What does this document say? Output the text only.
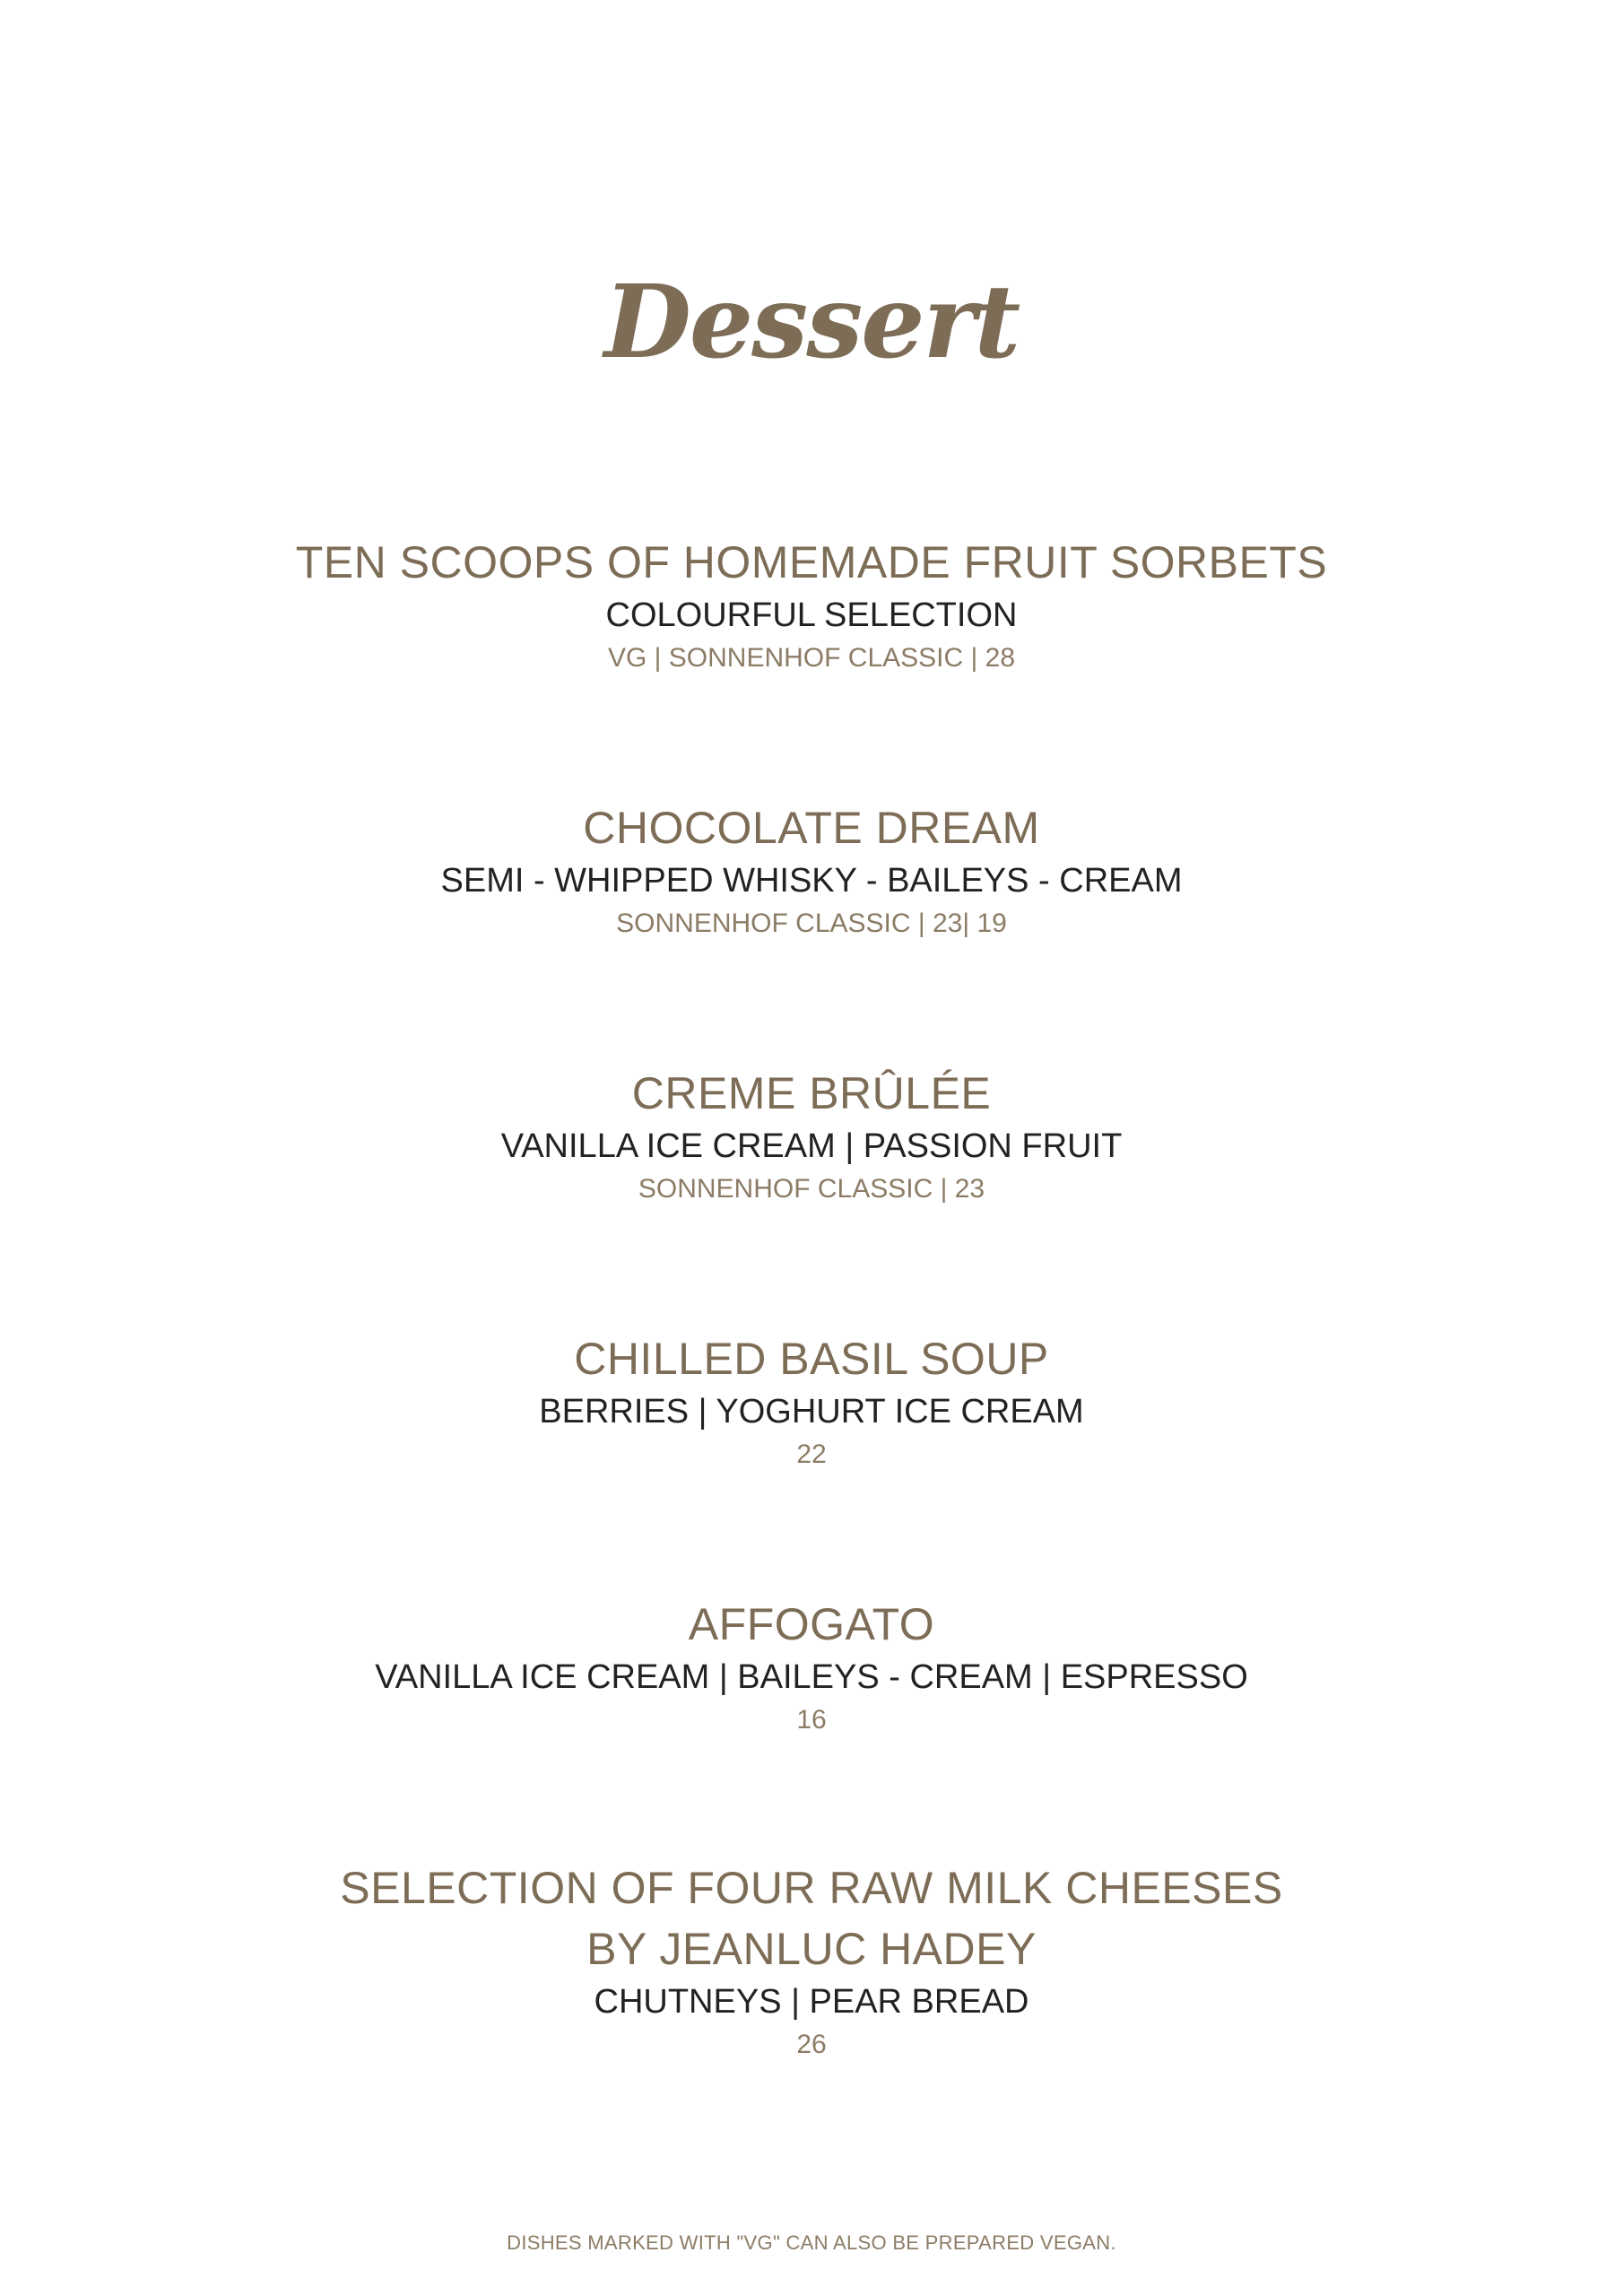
Dessert
TEN SCOOPS OF HOMEMADE FRUIT SORBETS
COLOURFUL SELECTION
VG | SONNENHOF CLASSIC | 28
CHOCOLATE DREAM
SEMI - WHIPPED WHISKY - BAILEYS - CREAM
SONNENHOF CLASSIC | 23| 19
CREME BRÛLÉE
VANILLA ICE CREAM | PASSION FRUIT
SONNENHOF CLASSIC | 23
CHILLED BASIL SOUP
BERRIES | YOGHURT ICE CREAM
22
AFFOGATO
VANILLA ICE CREAM | BAILEYS - CREAM | ESPRESSO
16
SELECTION OF FOUR RAW MILK CHEESES
BY JEANLUC HADEY
CHUTNEYS | PEAR BREAD
26
DISHES MARKED WITH "VG" CAN ALSO BE PREPARED VEGAN.
